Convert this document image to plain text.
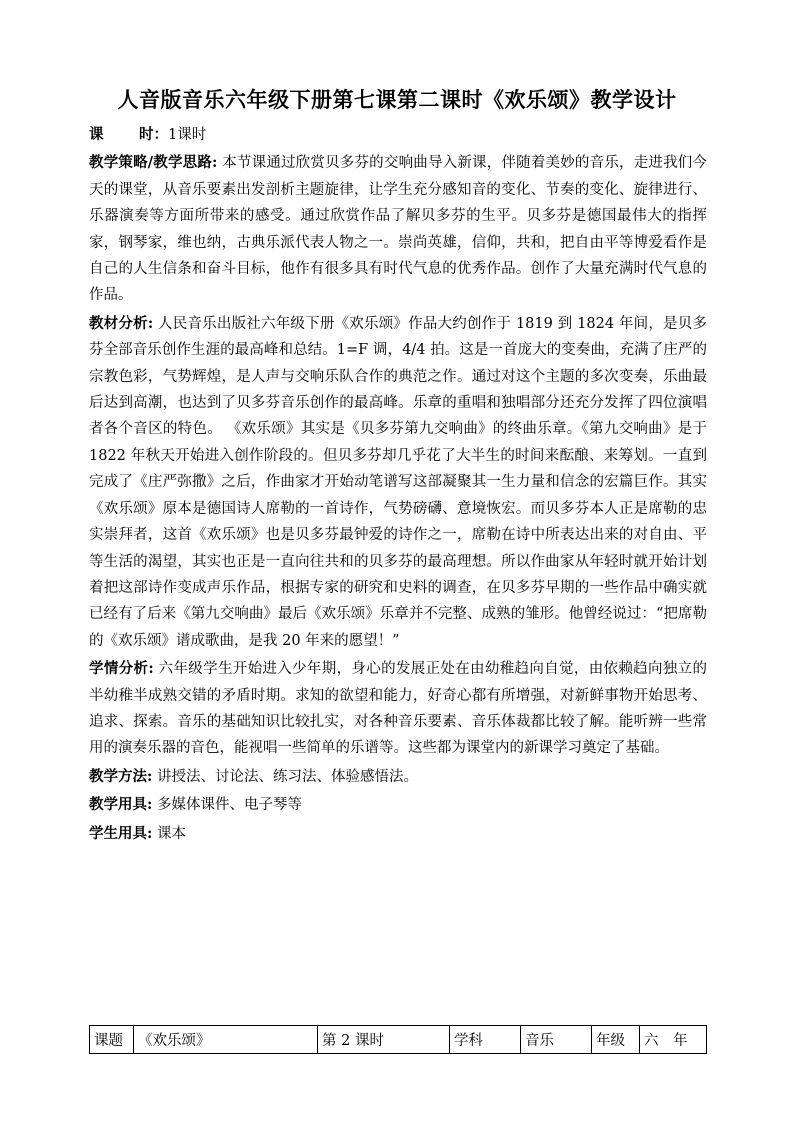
人音版音乐六年级下册第七课第二课时《欢乐颂》教学设计

课 时：1课时

教学策略/教学思路: 本节课通过欣赏贝多芬的交响曲导入新课，伴随着美妙的音乐，走进我们今天的课堂，从音乐要素出发剖析主题旋律，让学生充分感知音的变化、节奏的变化、旋律进行、乐器演奏等方面所带来的感受。通过欣赏作品了解贝多芬的生平。贝多芬是德国最伟大的指挥家，钢琴家，维也纳，古典乐派代表人物之一。崇尚英雄，信仰，共和，把自由平等博爱看作是自己的人生信条和奋斗目标，他作有很多具有时代气息的优秀作品。创作了大量充满时代气息的作品。

教材分析: 人民音乐出版社六年级下册《欢乐颂》作品大约创作于 1819 到 1824 年间，是贝多芬全部音乐创作生涯的最高峰和总结。1=F 调，4/4 拍。这是一首庞大的变奏曲，充满了庄严的宗教色彩，气势辉煌，是人声与交响乐队合作的典范之作。通过对这个主题的多次变奏，乐曲最后达到高潮，也达到了贝多芬音乐创作的最高峰。乐章的重唱和独唱部分还充分发挥了四位演唱者各个音区的特色。 《欢乐颂》其实是《贝多芬第九交响曲》的终曲乐章。《第九交响曲》是于 1822 年秋天开始进入创作阶段的。但贝多芬却几乎花了大半生的时间来酝酿、来筹划。一直到完成了《庄严弥撒》之后，作曲家才开始动笔谱写这部凝聚其一生力量和信念的宏篇巨作。其实《欢乐颂》原本是德国诗人席勒的一首诗作，气势磅礴、意境恢宏。而贝多芬本人正是席勒的忠实崇拜者，这首《欢乐颂》也是贝多芬最钟爱的诗作之一，席勒在诗中所表达出来的对自由、平等生活的渴望，其实也正是一直向往共和的贝多芬的最高理想。所以作曲家从年轻时就开始计划着把这部诗作变成声乐作品，根据专家的研究和史料的调查，在贝多芬早期的一些作品中确实就已经有了后来《第九交响曲》最后《欢乐颂》乐章并不完整、成熟的雏形。他曾经说过：“把席勒的《欢乐颂》谱成歌曲，是我 20 年来的愿望！”

学情分析: 六年级学生开始进入少年期，身心的发展正处在由幼稚趋向自觉，由依赖趋向独立的半幼稚半成熟交错的矛盾时期。求知的欲望和能力，好奇心都有所增强，对新鲜事物开始思考、追求、探索。音乐的基础知识比较扎实，对各种音乐要素、音乐体裁都比较了解。能听辨一些常用的演奏乐器的音色，能视唱一些简单的乐谱等。这些都为课堂内的新课学习奠定了基础。

教学方法: 讲授法、讨论法、练习法、体验感悟法。

教学用具: 多媒体课件、电子琴等

学生用具: 课本

课题	《欢乐颂》	第 2 课时	学科	音乐	年级	六　年
